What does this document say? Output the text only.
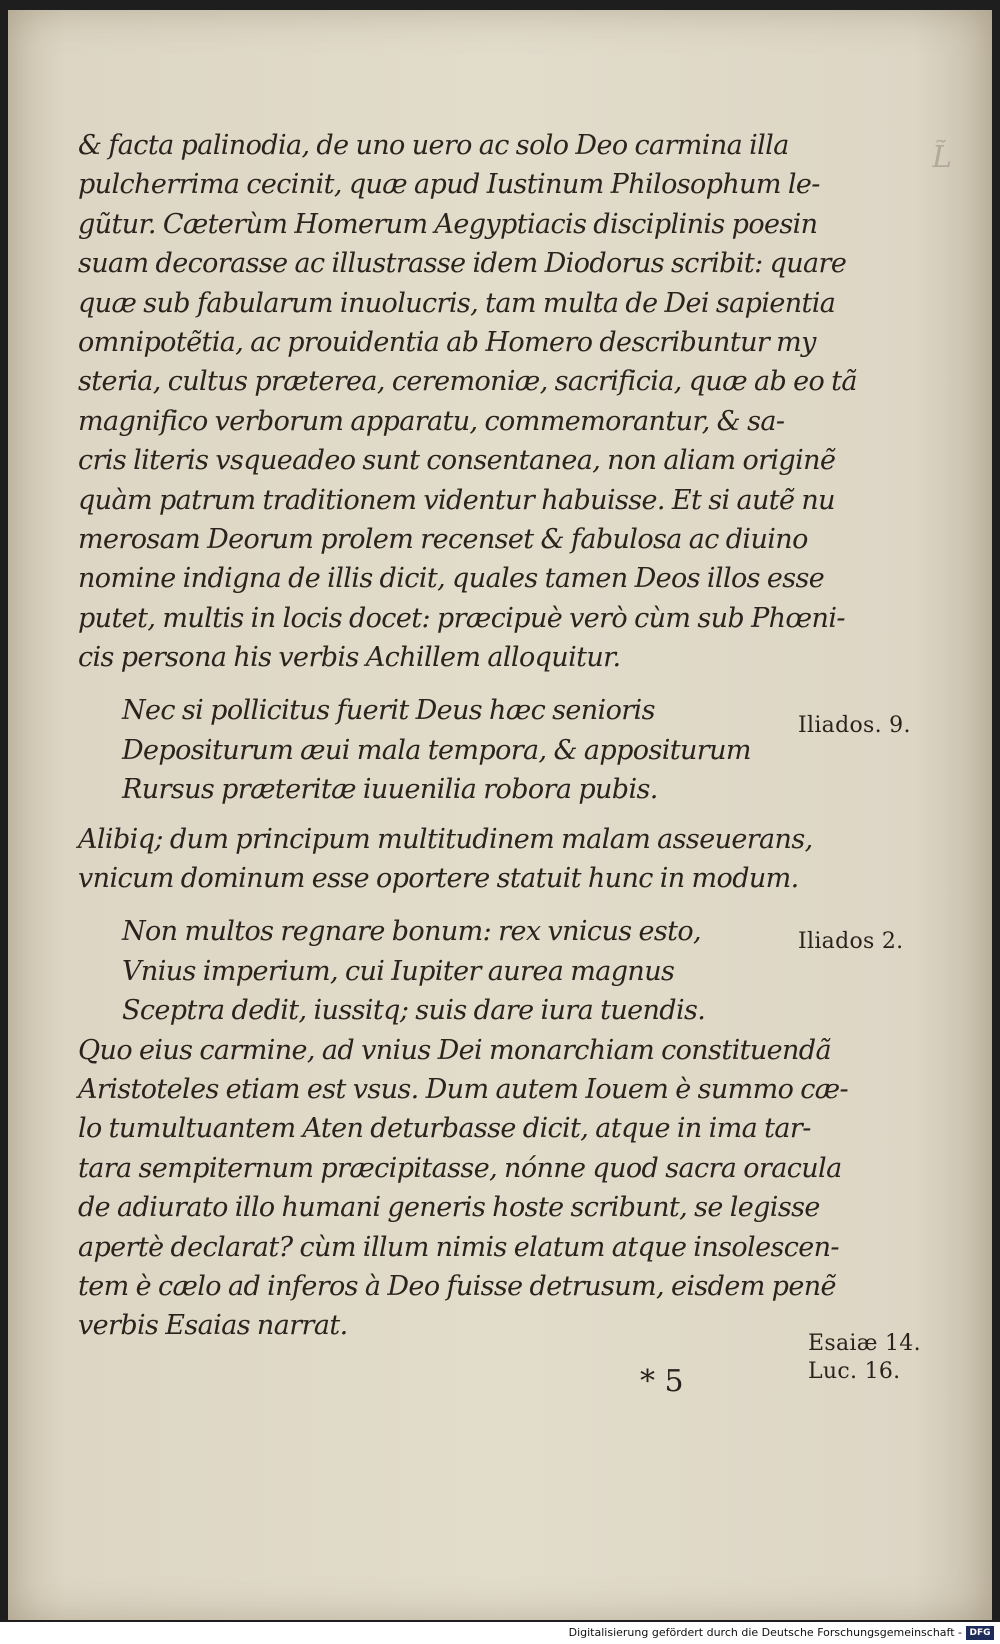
L̃
& facta palinodia, de uno uero ac solo Deo carmina illa
pulcherrima cecinit, quæ apud Iustinum Philosophum le-
gũtur. Cæterùm Homerum Aegyptiacis disciplinis poesin
suam decorasse ac illustrasse idem Diodorus scribit: quare
quæ sub fabularum inuolucris, tam multa de Dei sapientia
omnipotẽtia, ac prouidentia ab Homero describuntur my
steria, cultus præterea, ceremoniæ, sacrificia, quæ ab eo tã
magnifico verborum apparatu, commemorantur, & sa-
cris literis vsqueadeo sunt consentanea, non aliam originẽ
quàm patrum traditionem videntur habuisse. Et si autẽ nu
merosam Deorum prolem recenset & fabulosa ac diuino
nomine indigna de illis dicit, quales tamen Deos illos esse
putet, multis in locis docet: præcipuè verò cùm sub Phœni-
cis persona his verbis Achillem alloquitur.
Nec si pollicitus fuerit Deus hæc senioris
Depositurum æui mala tempora, & appositurum
Rursus præteritæ iuuenilia robora pubis.
Alibiq; dum principum multitudinem malam asseuerans,
vnicum dominum esse oportere statuit hunc in modum.
Non multos regnare bonum: rex vnicus esto,
Vnius imperium, cui Iupiter aurea magnus
Sceptra dedit, iussitq; suis dare iura tuendis.
Quo eius carmine, ad vnius Dei monarchiam constituendã
Aristoteles etiam est vsus. Dum autem Iouem è summo cæ-
lo tumultuantem Aten deturbasse dicit, atque in ima tar-
tara sempiternum præcipitasse, nónne quod sacra oracula
de adiurato illo humani generis hoste scribunt, se legisse
apertè declarat? cùm illum nimis elatum atque insolescen-
tem è cælo ad inferos à Deo fuisse detrusum, eisdem penẽ
verbis Esaias narrat.
Iliados. 9.
Iliados 2.
Esaiæ 14.
Luc. 16.
* 5
Digitalisierung gefördert durch die Deutsche Forschungsgemeinschaft - DFG
